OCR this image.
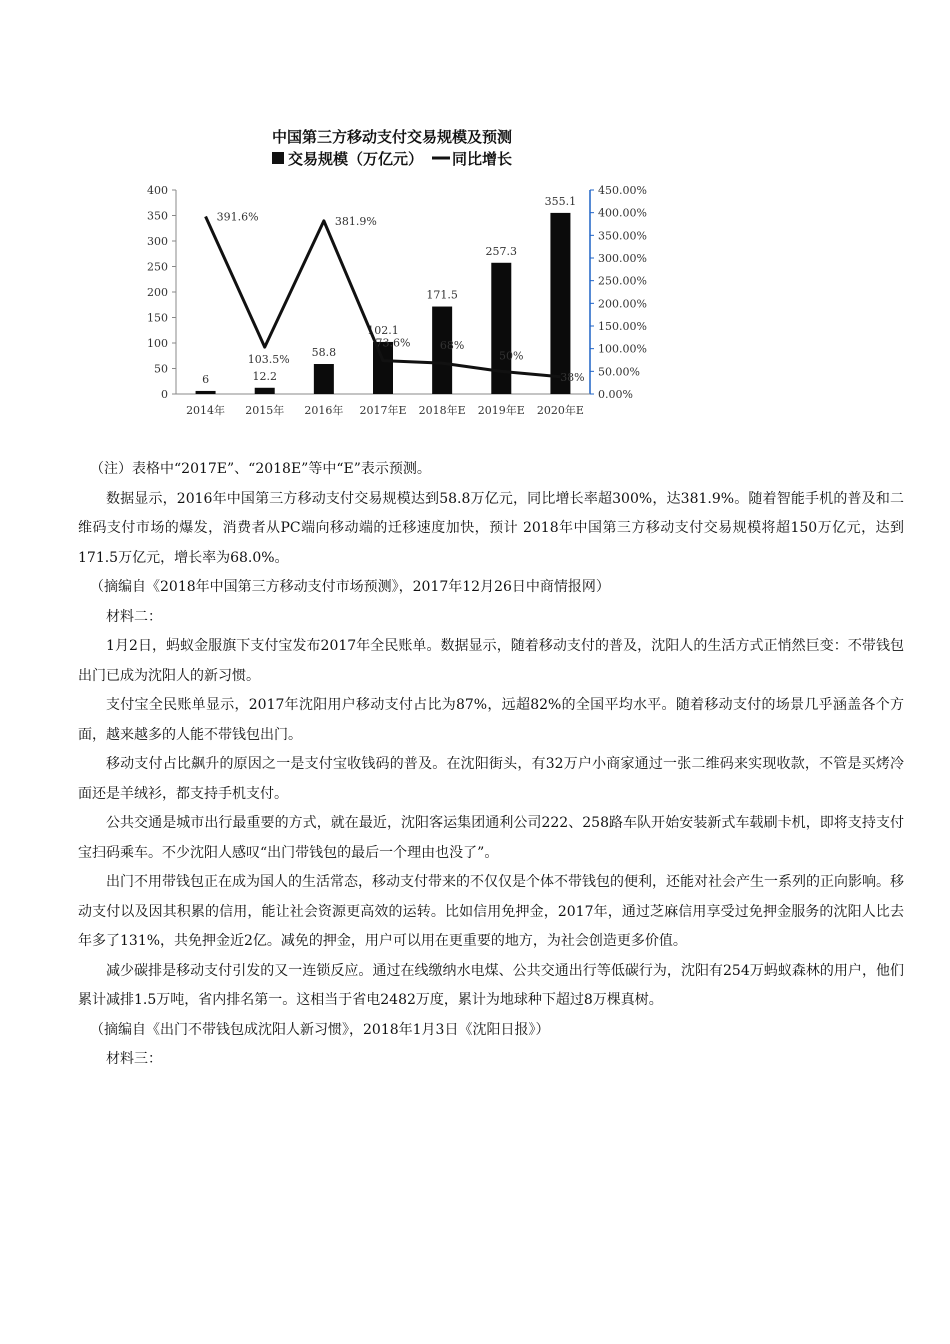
中国第三方移动支付交易规模及预测
交易规模（万亿元） 同比增长
0
50
100
150
200
250
300
350
400
0.00%
50.00%
100.00%
150.00%
200.00%
250.00%
300.00%
350.00%
400.00%
450.00%
2014年 2015年 2016年 2017年E 2018年E 2019年E 2020年E
6	12.2
58.8
102.1
171.5
257.3
355.1
391.6%
103.5%
381.9%
73.6%	68%
50%
38%

（注）表格中“2017E”、“2018E”等中“E”表示预测。

数据显示，2016年中国第三方移动支付交易规模达到58.8万亿元，同比增长率超300%，达381.9%。随着智能手机的普及和二维码支付市场的爆发，消费者从PC端向移动端的迁移速度加快，预计 2018年中国第三方移动支付交易规模将超150万亿元，达到171.5万亿元，增长率为68.0%。

（摘编自《2018年中国第三方移动支付市场预测》，2017年12月26日中商情报网）

材料二：

1月2日，蚂蚁金服旗下支付宝发布2017年全民账单。数据显示，随着移动支付的普及，沈阳人的生活方式正悄然巨变：不带钱包出门已成为沈阳人的新习惯。

支付宝全民账单显示，2017年沈阳用户移动支付占比为87%，远超82%的全国平均水平。随着移动支付的场景几乎涵盖各个方面，越来越多的人能不带钱包出门。

移动支付占比飙升的原因之一是支付宝收钱码的普及。在沈阳街头，有32万户小商家通过一张二维码来实现收款，不管是买烤冷面还是羊绒衫，都支持手机支付。

公共交通是城市出行最重要的方式，就在最近，沈阳客运集团通利公司222、258路车队开始安装新式车载刷卡机，即将支持支付宝扫码乘车。不少沈阳人感叹“出门带钱包的最后一个理由也没了”。

出门不用带钱包正在成为国人的生活常态，移动支付带来的不仅仅是个体不带钱包的便利，还能对社会产生一系列的正向影响。移动支付以及因其积累的信用，能让社会资源更高效的运转。比如信用免押金，2017年，通过芝麻信用享受过免押金服务的沈阳人比去年多了131%，共免押金近2亿。减免的押金，用户可以用在更重要的地方，为社会创造更多价值。

减少碳排是移动支付引发的又一连锁反应。通过在线缴纳水电煤、公共交通出行等低碳行为，沈阳有254万蚂蚁森林的用户，他们累计减排1.5万吨，省内排名第一。这相当于省电2482万度，累计为地球种下超过8万棵真树。

（摘编自《出门不带钱包成沈阳人新习惯》，2018年1月3日《沈阳日报》）

材料三：
